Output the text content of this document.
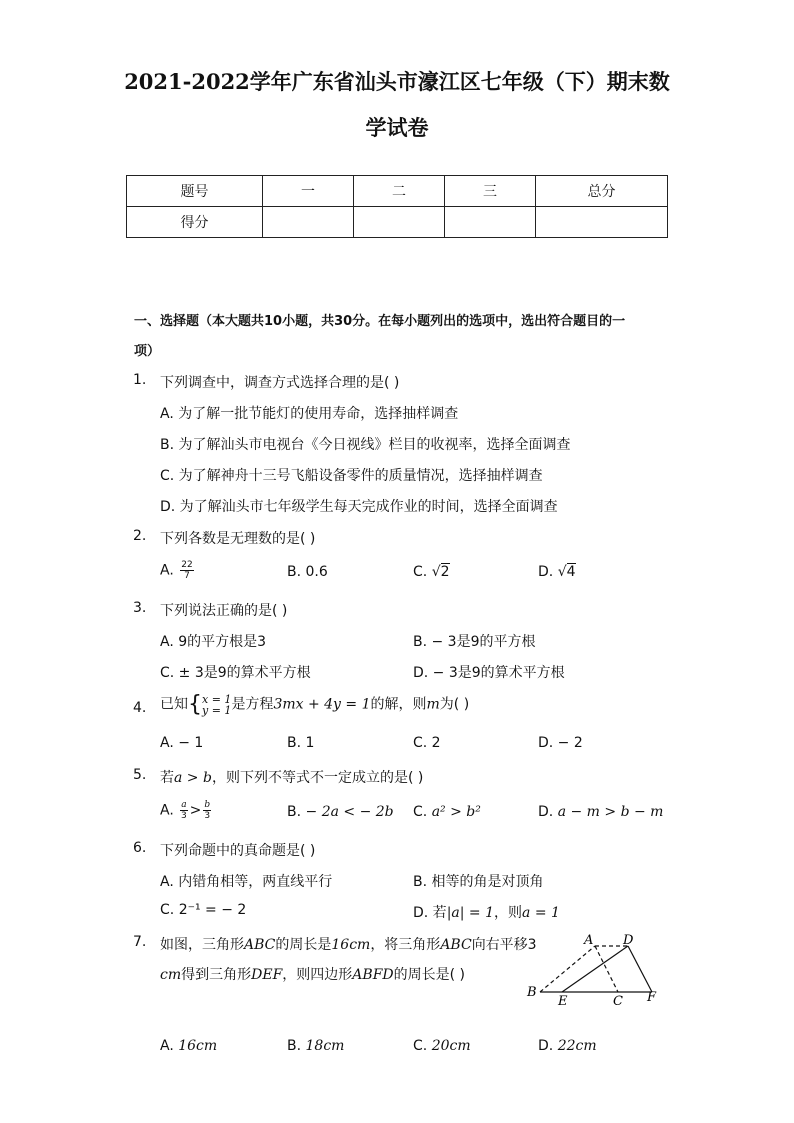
2021-2022学年广东省汕头市濠江区七年级（下）期末数
学试卷
题号	一	二	三	总分
得分				
一、选择题（本大题共10小题，共30分。在每小题列出的选项中，选出符合题目的一
项）
1. 下列调查中，调查方式选择合理的是( )
A. 为了解一批节能灯的使用寿命，选择抽样调查
B. 为了解汕头市电视台《今日视线》栏目的收视率，选择全面调查
C. 为了解神舟十三号飞船设备零件的质量情况，选择抽样调查
D. 为了解汕头市七年级学生每天完成作业的时间，选择全面调查
2. 下列各数是无理数的是( )
A. $\frac{22}{7}$	B. 0.6	C. √2	D. √4
3. 下列说法正确的是( )
A. 9的平方根是3	B. − 3是9的平方根
C. ± 3是9的算术平方根	D. − 3是9的算术平方根
4. 已知{ x = 1
y = 1 是方程3mx + 4y = 1的解，则m为( )
A. − 1	B. 1	C. 2	D. − 2
5. 若a > b，则下列不等式不一定成立的是( )
A. $\frac{a}{3} > \frac{b}{3}$	B. − 2a < − 2b C. a² > b²	D. a − m > b − m
6. 下列命题中的真命题是( )
A. 内错角相等，两直线平行	B. 相等的角是对顶角
C. 2⁻¹ = − 2	D. 若|a| = 1，则a = 1
7. 如图，三角形ABC的周长是16cm，将三角形ABC向右平移3
cm得到三角形DEF，则四边形ABFD的周长是( )
A D
B
E	C F
A. 16cm	B. 18cm	C. 20cm	D. 22cm
